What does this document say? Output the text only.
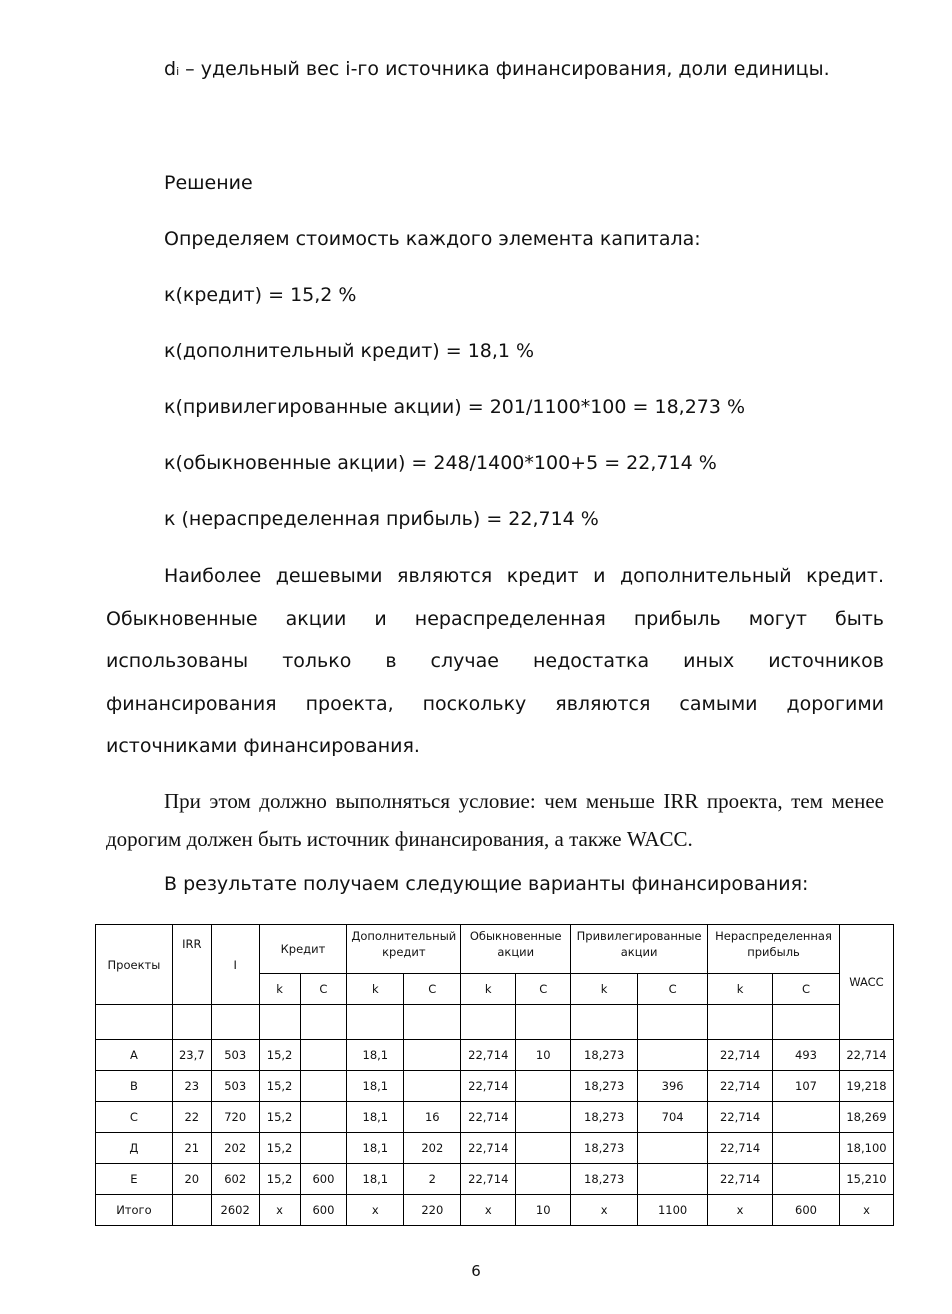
di – удельный вес i-го источника финансирования, доли единицы.
Решение
Определяем стоимость каждого элемента капитала:
к(кредит) = 15,2 %
к(дополнительный кредит) = 18,1 %
к(привилегированные акции) = 201/1100*100 = 18,273 %
к(обыкновенные акции) = 248/1400*100+5 = 22,714 %
к (нераспределенная прибыль) = 22,714 %
Наиболее дешевыми являются кредит и дополнительный кредит. Обыкновенные акции и нераспределенная прибыль могут быть использованы только в случае недостатка иных источников финансирования проекта, поскольку являются самыми дорогими источниками финансирования.
При этом должно выполняться условие: чем меньше IRR проекта, тем менее дорогим должен быть источник финансирования, а также WACC.
В результате получаем следующие варианты финансирования:
Проекты	IRR	I	Кредит		Дополнительный кредит		Обыкновенные акции		Привилегированные акции		Нераспределенная прибыль		WACC
			k	C	k	C	k	C	k	C	k	C	

А	23,7	503	15,2		18,1		22,714	10	18,273		22,714	493	22,714
В	23	503	15,2		18,1		22,714		18,273	396	22,714	107	19,218
С	22	720	15,2		18,1	16	22,714		18,273	704	22,714		18,269
Д	21	202	15,2		18,1	202	22,714		18,273		22,714		18,100
Е	20	602	15,2	600	18,1	2	22,714		18,273		22,714		15,210
Итого		2602	х	600	х	220	х	10	х	1100	х	600	х
6
